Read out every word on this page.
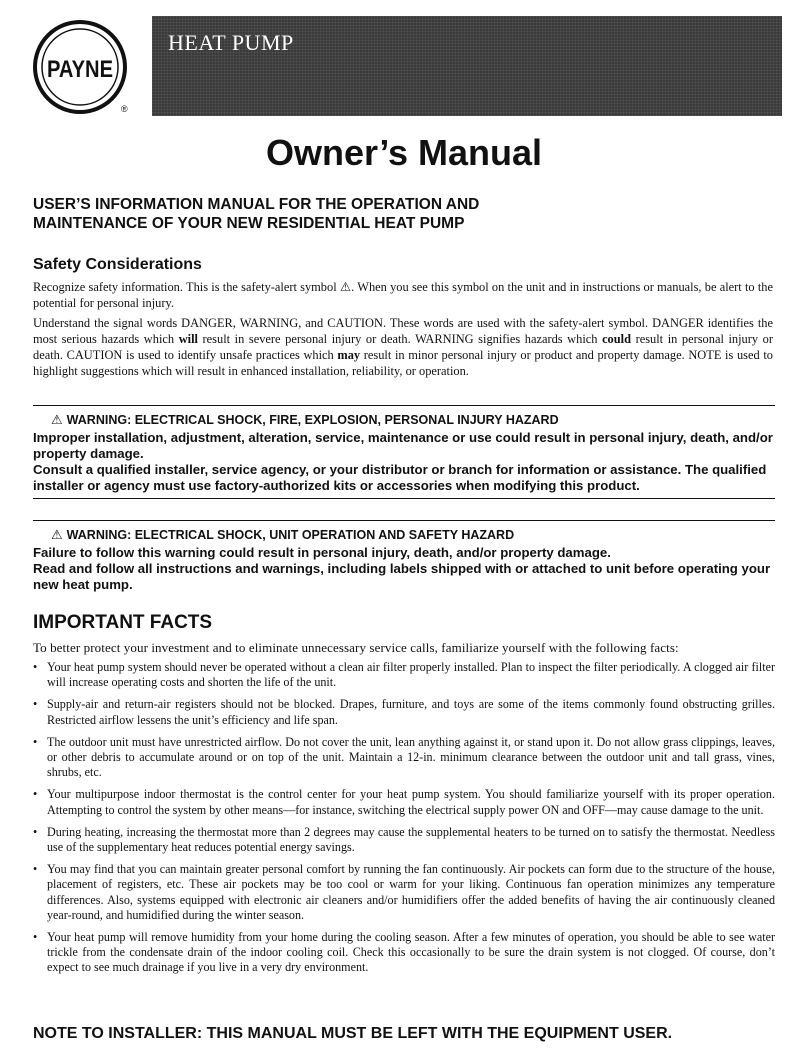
PAYNE
®
HEAT PUMP
Owner’s Manual
USER’S INFORMATION MANUAL FOR THE OPERATION AND
MAINTENANCE OF YOUR NEW RESIDENTIAL HEAT PUMP
Safety Considerations

Recognize safety information. This is the safety-alert symbol ⚠. When you see this symbol on the unit and in instructions or manuals, be alert to the potential for personal injury.

Understand the signal words DANGER, WARNING, and CAUTION. These words are used with the safety-alert symbol. DANGER identifies the most serious hazards which will result in severe personal injury or death. WARNING signifies hazards which could result in personal injury or death. CAUTION is used to identify unsafe practices which may result in minor personal injury or product and property damage. NOTE is used to highlight suggestions which will result in enhanced installation, reliability, or operation.

⚠ WARNING: ELECTRICAL SHOCK, FIRE, EXPLOSION, PERSONAL INJURY HAZARD

Improper installation, adjustment, alteration, service, maintenance or use could result in personal injury, death, and/or property damage.

Consult a qualified installer, service agency, or your distributor or branch for information or assistance. The qualified installer or agency must use factory-authorized kits or accessories when modifying this product.

⚠ WARNING: ELECTRICAL SHOCK, UNIT OPERATION AND SAFETY HAZARD

Failure to follow this warning could result in personal injury, death, and/or property damage.

Read and follow all instructions and warnings, including labels shipped with or attached to unit before operating your new heat pump.

IMPORTANT FACTS

To better protect your investment and to eliminate unnecessary service calls, familiarize yourself with the following facts:

• Your heat pump system should never be operated without a clean air filter properly installed. Plan to inspect the filter periodically. A clogged air filter will increase operating costs and shorten the life of the unit.
• Supply-air and return-air registers should not be blocked. Drapes, furniture, and toys are some of the items commonly found obstructing grilles. Restricted airflow lessens the unit’s efficiency and life span.
• The outdoor unit must have unrestricted airflow. Do not cover the unit, lean anything against it, or stand upon it. Do not allow grass clippings, leaves, or other debris to accumulate around or on top of the unit. Maintain a 12-in. minimum clearance between the outdoor unit and tall grass, vines, shrubs, etc.
• Your multipurpose indoor thermostat is the control center for your heat pump system. You should familiarize yourself with its proper operation. Attempting to control the system by other means—for instance, switching the electrical supply power ON and OFF—may cause damage to the unit.
• During heating, increasing the thermostat more than 2 degrees may cause the supplemental heaters to be turned on to satisfy the thermostat. Needless use of the supplementary heat reduces potential energy savings.
• You may find that you can maintain greater personal comfort by running the fan continuously. Air pockets can form due to the structure of the house, placement of registers, etc. These air pockets may be too cool or warm for your liking. Continuous fan operation minimizes any temperature differences. Also, systems equipped with electronic air cleaners and/or humidifiers offer the added benefits of having the air continuously cleaned year-round, and humidified during the winter season.
• Your heat pump will remove humidity from your home during the cooling season. After a few minutes of operation, you should be able to see water trickle from the condensate drain of the indoor cooling coil. Check this occasionally to be sure the drain system is not clogged. Of course, don’t expect to see much drainage if you live in a very dry environment.

NOTE TO INSTALLER: THIS MANUAL MUST BE LEFT WITH THE EQUIPMENT USER.
